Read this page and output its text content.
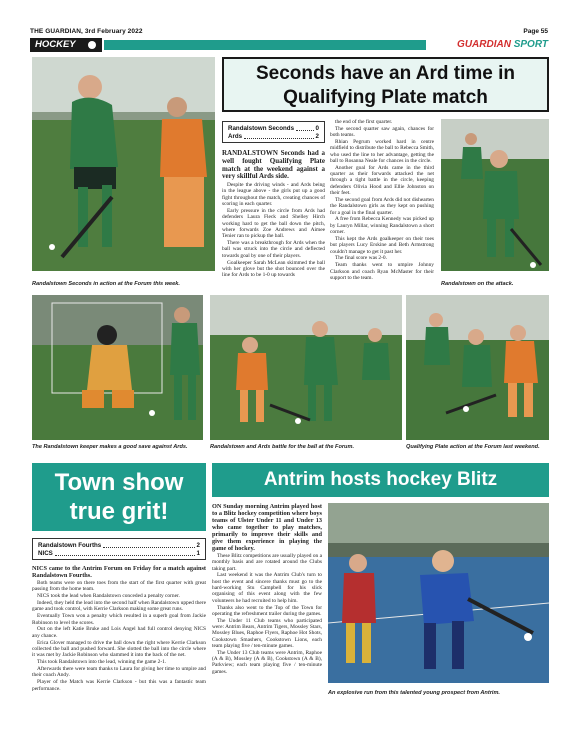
THE GUARDIAN, 3rd February 2022	Page 55
HOCKEY	GUARDIAN SPORT
Seconds have an Ard time in Qualifying Plate match
Randalstown Seconds in action at the Forum this week.
Randalstown Seconds	0
Ards	2
RANDALSTOWN Seconds had a well fought Qualifying Plate match at the weekend against a very skillful Ards side.

Despite the driving winds - and Ards being in the league above - the girls put up a good fight throughout the match, creating chances of scoring in each quarter.

Early pressure in the circle from Ards had defenders Laura Fleck and Shelley Hirch working hard to get the ball down the pitch, where forwards Zoe Andrews and Aimee Tenier ran to pickup the ball.

There was a breakthrough for Ards when the ball was struck into the circle and deflected towards goal by one of their players.

Goalkeeper Sarah McLean skimmed the ball with her glove but the shot bounced over the line for Ards to be 1-0 up towards

the end of the first quarter.

The second quarter saw again, chances for both teams.

Rhian Pegrum worked hard in centre midfield to distribute the ball to Rebecca Smith, who used the line to her advantage, getting the ball to Rosanna Neale for chances in the circle.

Another goal for Ards came in the third quarter as their forwards attacked the net through a tight battle in the circle, keeping defenders Olivia Hood and Ellie Johnston on their feet.

The second goal from Ards did not dishearten the Randalstown girls as they kept on pushing for a goal in the final quarter.

A free from Rebecca Kennedy was picked up by Lauryn Millar, winning Randalstown a short corner.

This kept the Ards goalkeeper on their toes but players Lucy Erskine and Beth Armstrong couldn't manage to get it past her.

The final score was 2-0.

Team thanks went to umpire Johnny Clarkson and coach Ryan McMaster for their support to the team.

Randalstown on the attack.
The Randalstown keeper makes a good save against Ards.	Randalstown and Ards battle for the ball at the Forum.	Qualifying Plate action at the Forum last weekend.
Town show true grit!
Randalstown Fourths	2
NICS	1
NICS came to the Antrim Forum on Friday for a match against Randalstown Fourths.

Both teams were on there toes from the start of the first quarter with great passing from the home team.

NICS took the lead when Randalstown conceded a penalty corner.

Indeed, they held the lead into the second half when Randalstown upped there game and took control, with Kerrie Clarkson making some great runs.

Eventually Town won a penalty which resulted in a superb goal from Jackie Robinson to level the scores.

Out on the left Katie Bruke and Lois Angel had full control denying NICS any chance.

Erica Glover managed to drive the ball down the right where Kerrie Clarkson collected the ball and pushed forward. She slotted the ball into the circle where it was met by Jackie Robinson who slammed it into the back of the net.

This took Randalstown into the lead, winning the game 2-1.

Afterwards there were team thanks to Laura for giving her time to umpire and their coach Andy.

Player of the Match was Kerrie Clarkson - but this was a fantastic team performance.

Antrim hosts hockey Blitz
ON Sunday morning Antrim played host to a Blitz hockey competition where boys teams of Ulster Under 11 and Under 13 who came together to play matches, primarily to improve their skills and give them experience in playing the game of hockey.

These Blitz competitions are usually played on a monthly basis and are rotated around the Clubs taking part.

Last weekend it was the Antrim Club's turn to host the event and sincere thanks must go to the hard-working Stu Campbell for his slick organising of this event along with the few volunteers he had recruited to help him.

Thanks also went to the Top of the Town for operating the refreshment trailer during the games.

The Under 11 Club teams who participated were: Antrim Bears, Antrim Tigers, Mossley Stars, Mossley Blues, Raphoe Flyers, Raphoe Hot Shots, Cookstown Smashers, Cookstown Lions, each team playing five / ten-minute games.

The Under 13 Club teams were Antrim, Raphoe (A & B), Mossley (A & B), Cookstown (A & B), Parkview; each team playing five / ten-minute games.

An explosive run from this talented young prospect from Antrim.
